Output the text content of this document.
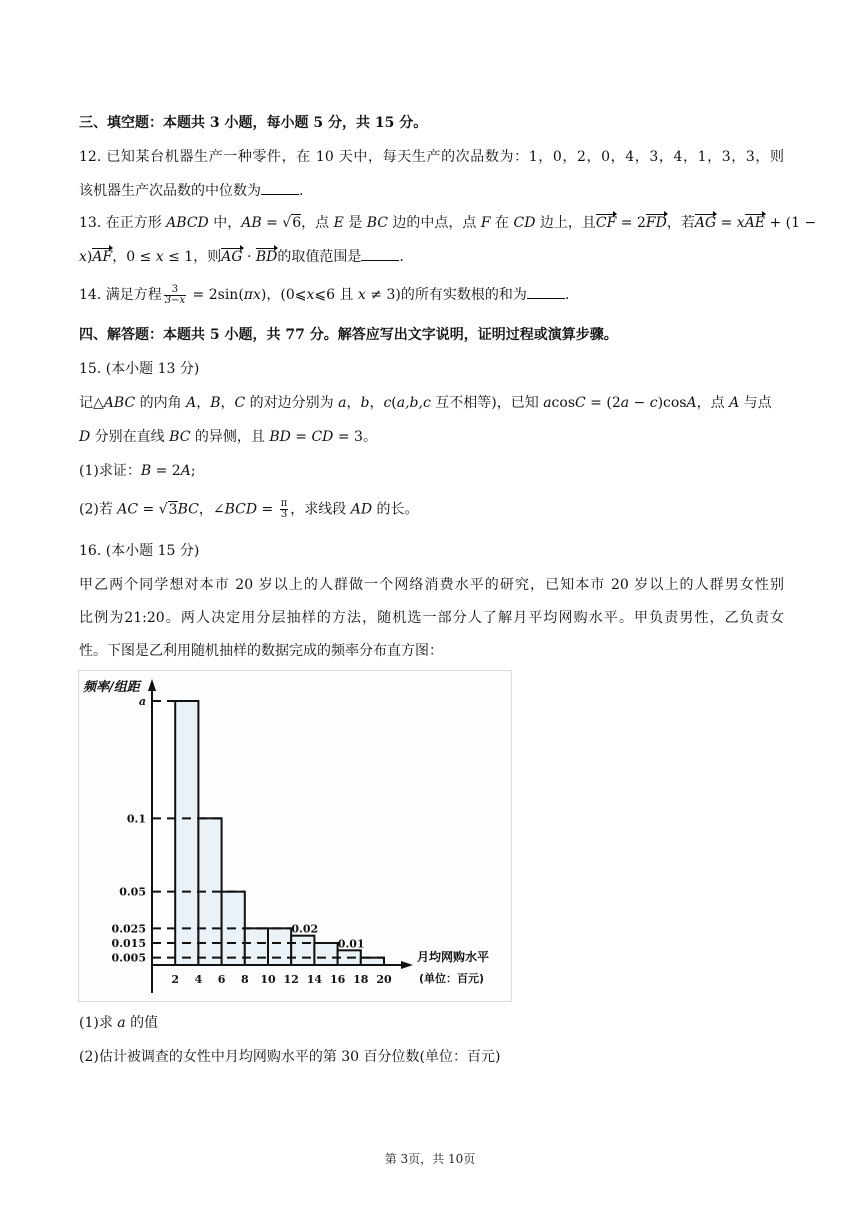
三、填空题：本题共 3 小题，每小题 5 分，共 15 分。
12. 已知某台机器生产一种零件，在 10 天中，每天生产的次品数为：1，0，2，0，4，3，4，1，3，3，则
该机器生产次品数的中位数为	.
13. 在正方形 ABCD 中，AB = √6，点 E 是 BC 边的中点，点 F 在 CD 边上，且CF = 2FD，若AG = xAE + (1 −
x)AF，0 ≤ x ≤ 1，则AG · BD的取值范围是	.
14. 满足方程 $\frac{3}{3-x} = 2\sin(\pi x)$，(0⩽x⩽6 且 x ≠ 3)的所有实数根的和为	.
四、解答题：本题共 5 小题，共 77 分。解答应写出文字说明，证明过程或演算步骤。
15. (本小题 13 分)
记△ABC 的内角 A，B，C 的对边分别为 a，b，c(a,b,c 互不相等)，已知 acosC = (2a − c)cosA，点 A 与点
D 分别在直线 BC 的异侧，且 BD = CD = 3。
(1)求证：B = 2A;
(2)若 AC = √3BC，∠BCD = $\frac{\pi}{3}$ ，求线段 AD 的长。
16. (本小题 15 分)
甲乙两个同学想对本市 20 岁以上的人群做一个网络消费水平的研究，已知本市 20 岁以上的人群男女性别
比例为21:20。两人决定用分层抽样的方法，随机选一部分人了解月平均网购水平。甲负责男性，乙负责女
性。下图是乙利用随机抽样的数据完成的频率分布直方图：
频率/组距
a
0.1
0.05
0.025
0.015
0.005
2 4 6 8 10 12 14 16 18 20
0.02
0.01
月均网购水平
(单位：百元)
(1)求 a 的值
(2)估计被调查的女性中月均网购水平的第 30 百分位数(单位：百元)
第 3页，共 10页
